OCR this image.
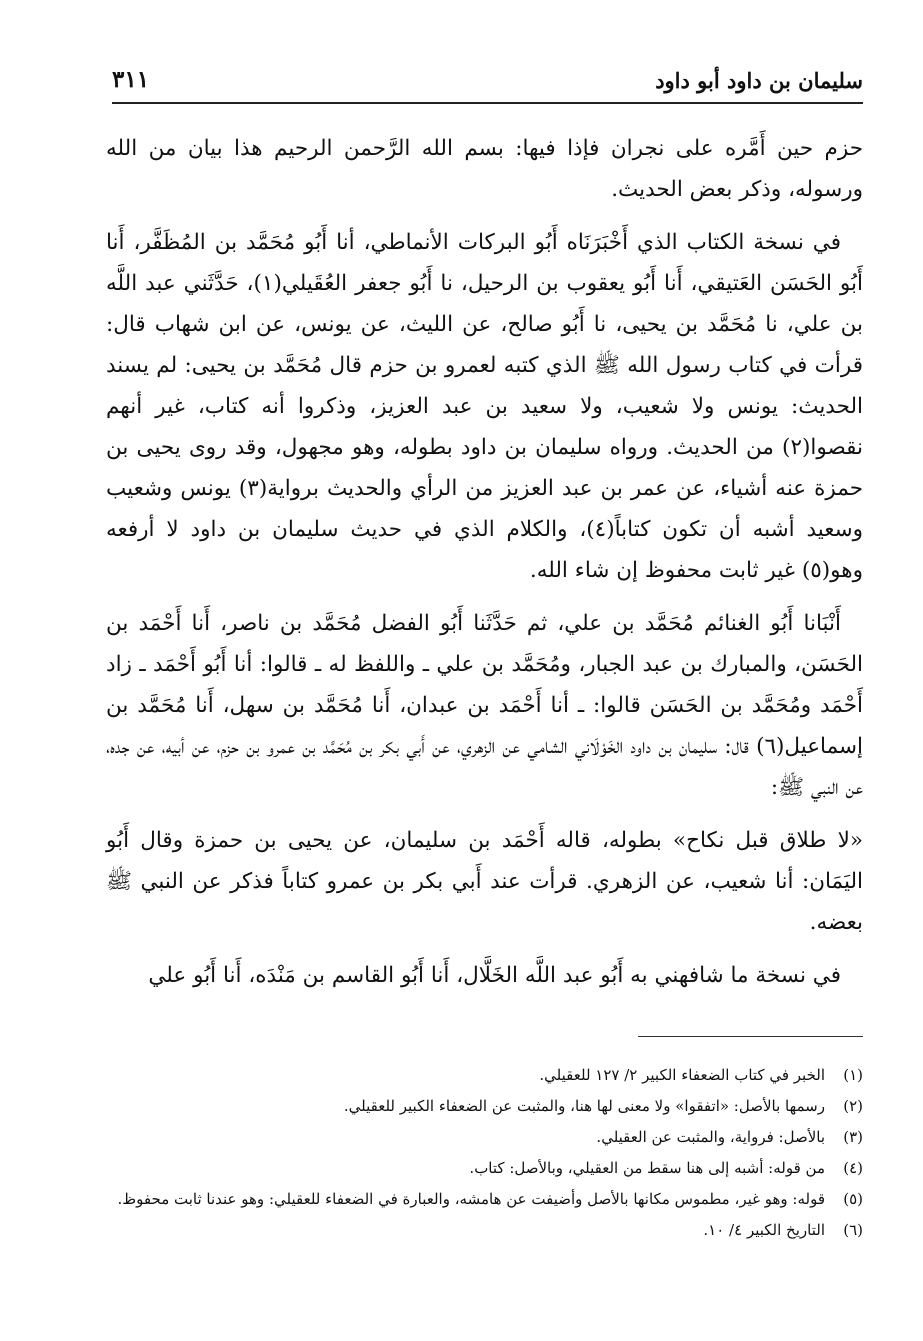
سليمان بن داود أبو داود
٣١١

حزم حين أَمَّره على نجران فإذا فيها: بسم الله الرَّحمن الرحيم هذا بيان من الله ورسوله، وذكر بعض الحديث.

في نسخة الكتاب الذي أَخْبَرَنَاه أَبُو البركات الأنماطي، أنا أَبُو مُحَمَّد بن المُظَفَّر، أَنا أَبُو الحَسَن العَتيقي، أَنا أَبُو يعقوب بن الرحيل، نا أَبُو جعفر العُقَيلي(١)، حَدَّثَني عبد اللَّه بن علي، نا مُحَمَّد بن يحيى، نا أَبُو صالح، عن الليث، عن يونس، عن ابن شهاب قال: قرأت في كتاب رسول الله ﷺ الذي كتبه لعمرو بن حزم قال مُحَمَّد بن يحيى: لم يسند الحديث: يونس ولا شعيب، ولا سعيد بن عبد العزيز، وذكروا أنه كتاب، غير أنهم نقصوا(٢) من الحديث. ورواه سليمان بن داود بطوله، وهو مجهول، وقد روى يحيى بن حمزة عنه أشياء، عن عمر بن عبد العزيز من الرأي والحديث برواية(٣) يونس وشعيب وسعيد أشبه أن تكون كتاباً(٤)، والكلام الذي في حديث سليمان بن داود لا أرفعه وهو(٥) غير ثابت محفوظ إن شاء الله.

أَنْبَانا أَبُو الغنائم مُحَمَّد بن علي، ثم حَدَّثَنا أَبُو الفضل مُحَمَّد بن ناصر، أَنا أَحْمَد بن الحَسَن، والمبارك بن عبد الجبار، ومُحَمَّد بن علي ـ واللفظ له ـ قالوا: أنا أَبُو أَحْمَد ـ زاد أَحْمَد ومُحَمَّد بن الحَسَن قالوا: ـ أنا أَحْمَد بن عبدان، أَنا مُحَمَّد بن سهل، أَنا مُحَمَّد بن إسماعيل(٦) قال: سليمان بن داود الخَوْلَاني الشامي عن الزهري، عن أَبي بكر بن مُحَمَّد بن عمرو بن حزم، عن أبيه، عن جده، عن النبي ﷺ:

«لا طلاق قبل نكاح» بطوله، قاله أَحْمَد بن سليمان، عن يحيى بن حمزة وقال أَبُو اليَمَان: أنا شعيب، عن الزهري. قرأت عند أَبي بكر بن عمرو كتاباً فذكر عن النبي ﷺ بعضه.

في نسخة ما شافهني به أَبُو عبد اللَّه الخَلَّال، أَنا أَبُو القاسم بن مَنْدَه، أَنا أَبُو علي

(١)
الخبر في كتاب الضعفاء الكبير ٢/ ١٢٧ للعقيلي.
(٢)
رسمها بالأصل: «اتفقوا» ولا معنى لها هنا، والمثبت عن الضعفاء الكبير للعقيلي.
(٣)
بالأصل: فرواية، والمثبت عن العقيلي.
(٤)
من قوله: أشبه إلى هنا سقط من العقيلي، وبالأصل: كتاب.
(٥)
قوله: وهو غير، مطموس مكانها بالأصل وأضيفت عن هامشه، والعبارة في الضعفاء للعقيلي: وهو عندنا ثابت محفوظ.
(٦)
التاريخ الكبير ٤/ ١٠.
